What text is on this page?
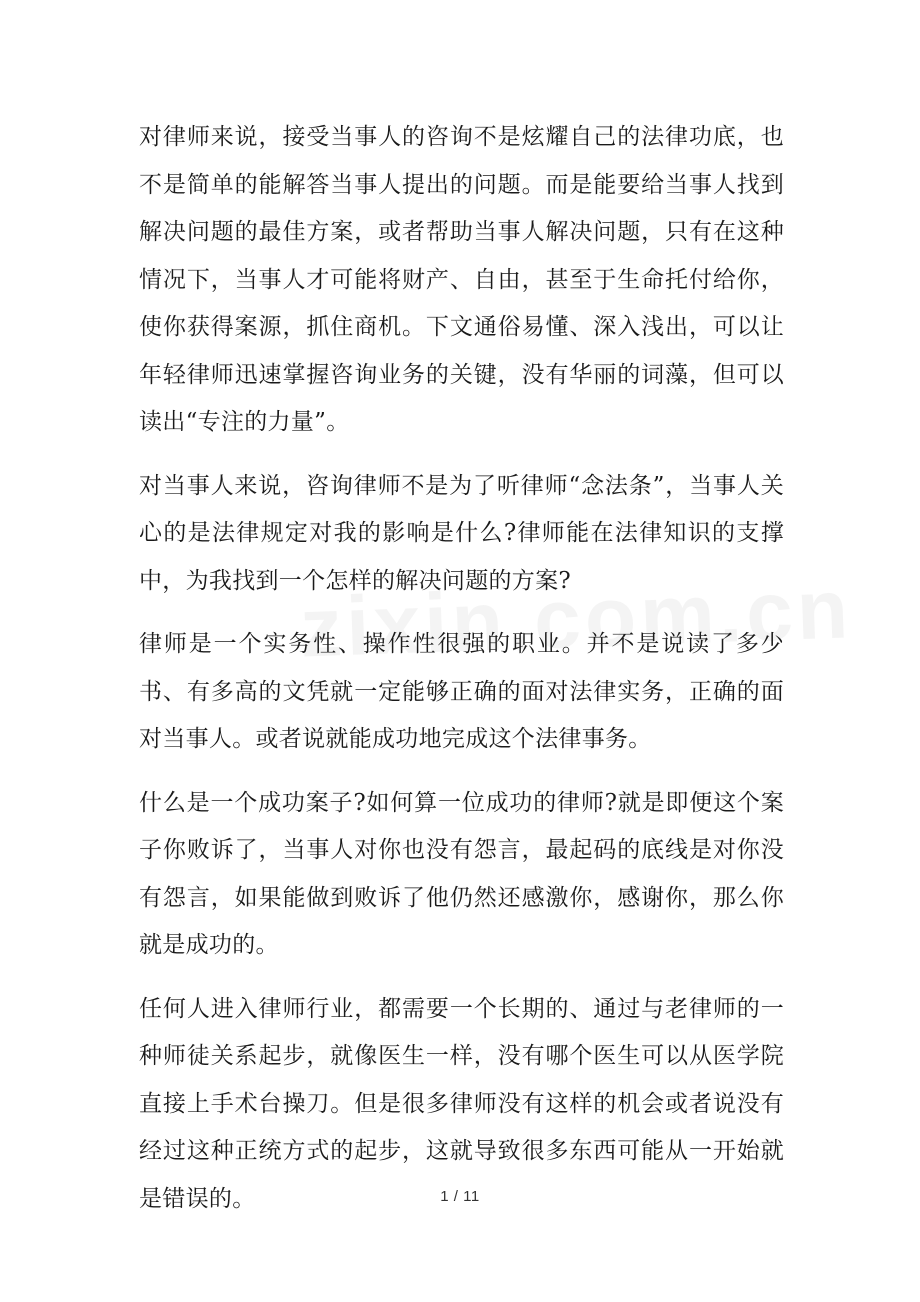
对律师来说，接受当事人的咨询不是炫耀自己的法律功底，也不是简单的能解答当事人提出的问题。而是能要给当事人找到解决问题的最佳方案，或者帮助当事人解决问题，只有在这种情况下，当事人才可能将财产、自由，甚至于生命托付给你，使你获得案源，抓住商机。下文通俗易懂、深入浅出，可以让年轻律师迅速掌握咨询业务的关键，没有华丽的词藻，但可以读出“专注的力量”。

对当事人来说，咨询律师不是为了听律师“念法条”，当事人关心的是法律规定对我的影响是什么?律师能在法律知识的支撑中，为我找到一个怎样的解决问题的方案?

律师是一个实务性、操作性很强的职业。并不是说读了多少书、有多高的文凭就一定能够正确的面对法律实务，正确的面对当事人。或者说就能成功地完成这个法律事务。

什么是一个成功案子?如何算一位成功的律师?就是即便这个案子你败诉了，当事人对你也没有怨言，最起码的底线是对你没有怨言，如果能做到败诉了他仍然还感激你，感谢你，那么你就是成功的。

任何人进入律师行业，都需要一个长期的、通过与老律师的一种师徒关系起步，就像医生一样，没有哪个医生可以从医学院直接上手术台操刀。但是很多律师没有这样的机会或者说没有经过这种正统方式的起步，这就导致很多东西可能从一开始就是错误的。	1 / 11
